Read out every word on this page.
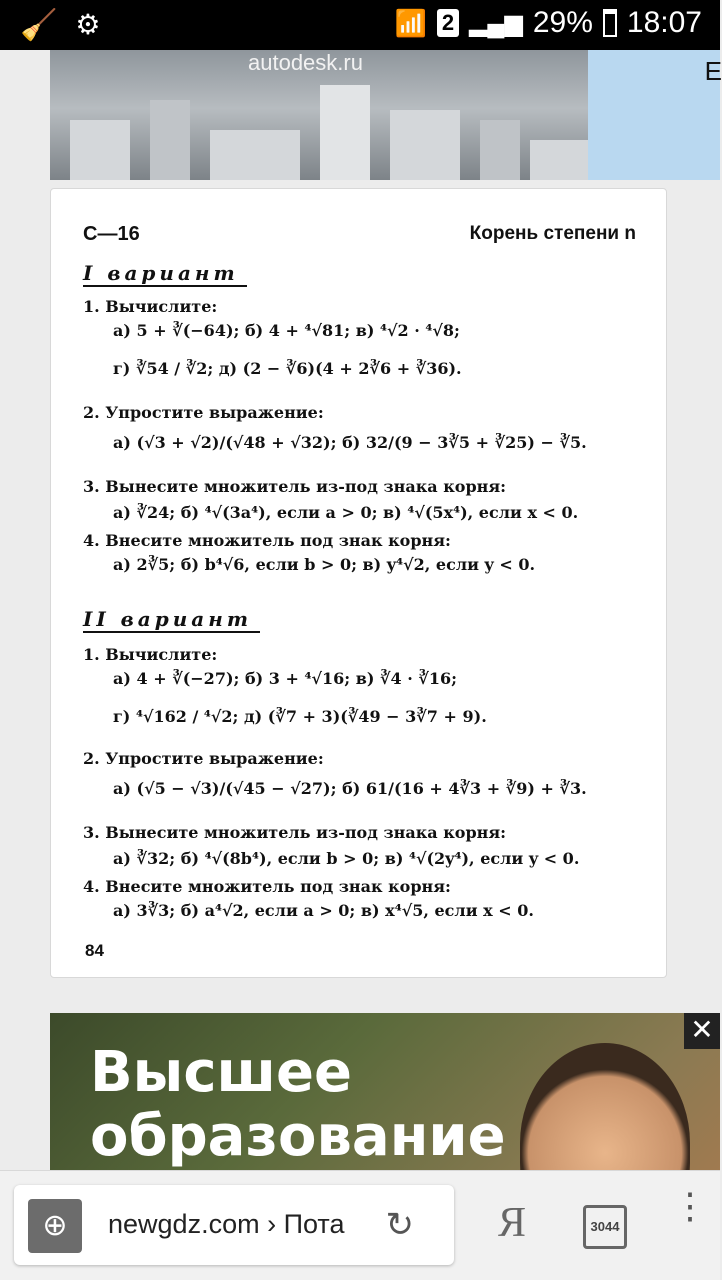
🧹 ⚙	📶 2 ▂▄▆ 29% 18:07
autodesk.ru	Е
С—16	Корень степени n
I вариант
1. Вычислите:
а) 5 + ∛(−64); б) 4 + ⁴√81; в) ⁴√2 · ⁴√8;
г) ∛54 / ∛2; д) (2 − ∛6)(4 + 2∛6 + ∛36).
2. Упростите выражение:
а) (√3 + √2)/(√48 + √32); б) 32/(9 − 3∛5 + ∛25) − ∛5.
3. Вынесите множитель из-под знака корня:
а) ∛24; б) ⁴√(3a⁴), если a > 0; в) ⁴√(5x⁴), если x < 0.
4. Внесите множитель под знак корня:
а) 2∛5; б) b⁴√6, если b > 0; в) y⁴√2, если y < 0.
II вариант
1. Вычислите:
а) 4 + ∛(−27); б) 3 + ⁴√16; в) ∛4 · ∛16;
г) ⁴√162 / ⁴√2; д) (∛7 + 3)(∛49 − 3∛7 + 9).
2. Упростите выражение:
а) (√5 − √3)/(√45 − √27); б) 61/(16 + 4∛3 + ∛9) + ∛3.
3. Вынесите множитель из-под знака корня:
а) ∛32; б) ⁴√(8b⁴), если b > 0; в) ⁴√(2y⁴), если y < 0.
4. Внесите множитель под знак корня:
а) 3∛3; б) a⁴√2, если a > 0; в) x⁴√5, если x < 0.
84
Высшее
образование
✕
⊕	newgdz.com › Пота	↻ Я	3044
⋮
